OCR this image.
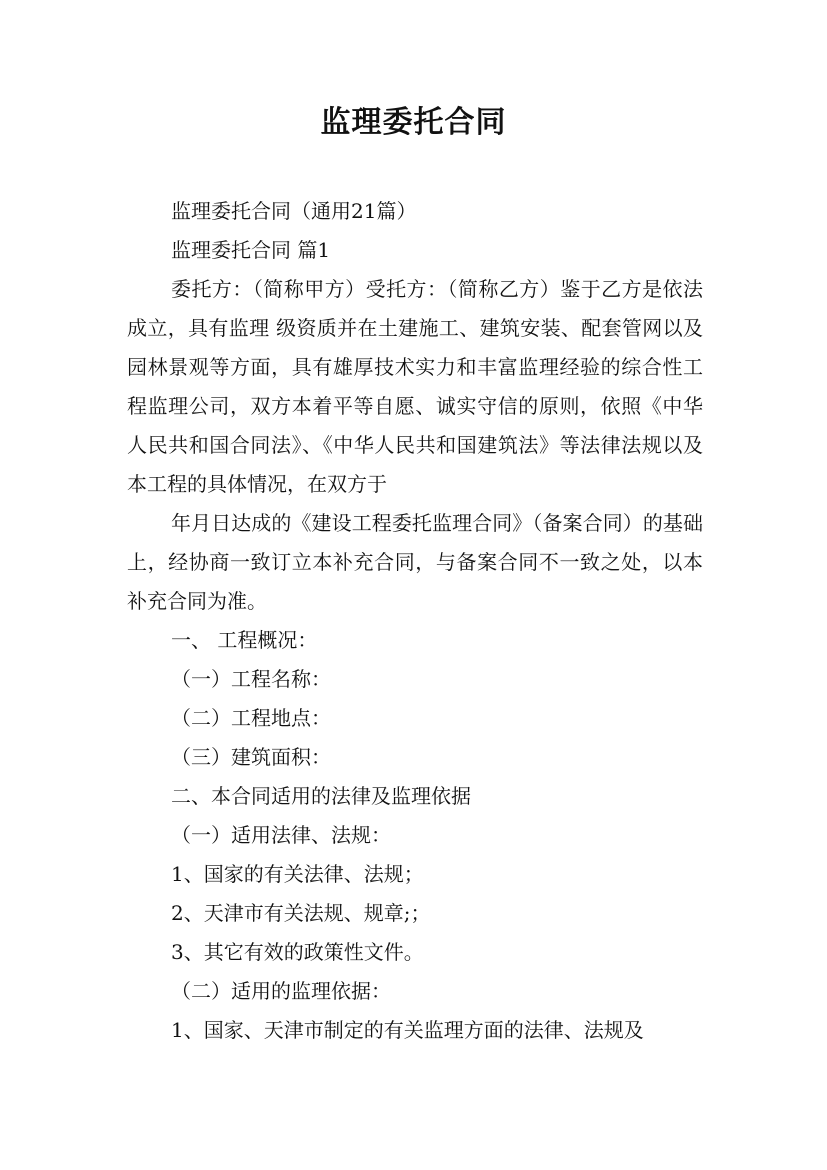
监理委托合同
监理委托合同（通用21篇）
监理委托合同 篇1

委托方：（简称甲方）受托方：（简称乙方）鉴于乙方是依法成立，具有监理 级资质并在土建施工、建筑安装、配套管网以及园林景观等方面，具有雄厚技术实力和丰富监理经验的综合性工程监理公司，双方本着平等自愿、诚实守信的原则，依照《中华人民共和国合同法》、《中华人民共和国建筑法》等法律法规以及本工程的具体情况，在双方于

年月日达成的《建设工程委托监理合同》（备案合同）的基础上，经协商一致订立本补充合同，与备案合同不一致之处，以本补充合同为准。

一、 工程概况：
（一）工程名称：
（二）工程地点：
（三）建筑面积：
二、本合同适用的法律及监理依据
（一）适用法律、法规：
1、国家的有关法律、法规；
2、天津市有关法规、规章;；
3、其它有效的政策性文件。
（二）适用的监理依据：
1、国家、天津市制定的有关监理方面的法律、法规及
